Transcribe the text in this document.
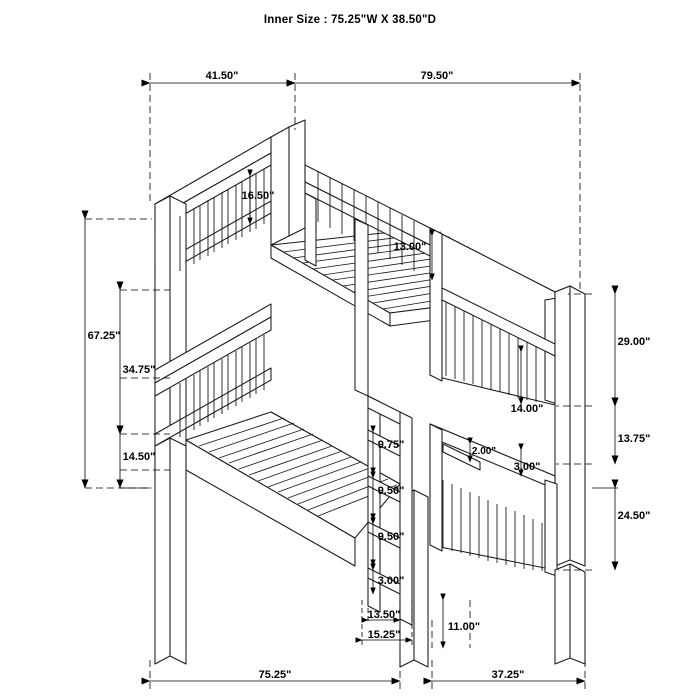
Inner Size : 75.25"W X 38.50"D
41.50"	79.50"
67.25"
34.75"
14.50"
29.00"
13.75"
24.50"
16.50"
13.00"
14.00"
2.00"
3.00"
9.75"
9.50"
9.50"
3.00"
13.50"
15.25"
11.00"
75.25"	37.25"
